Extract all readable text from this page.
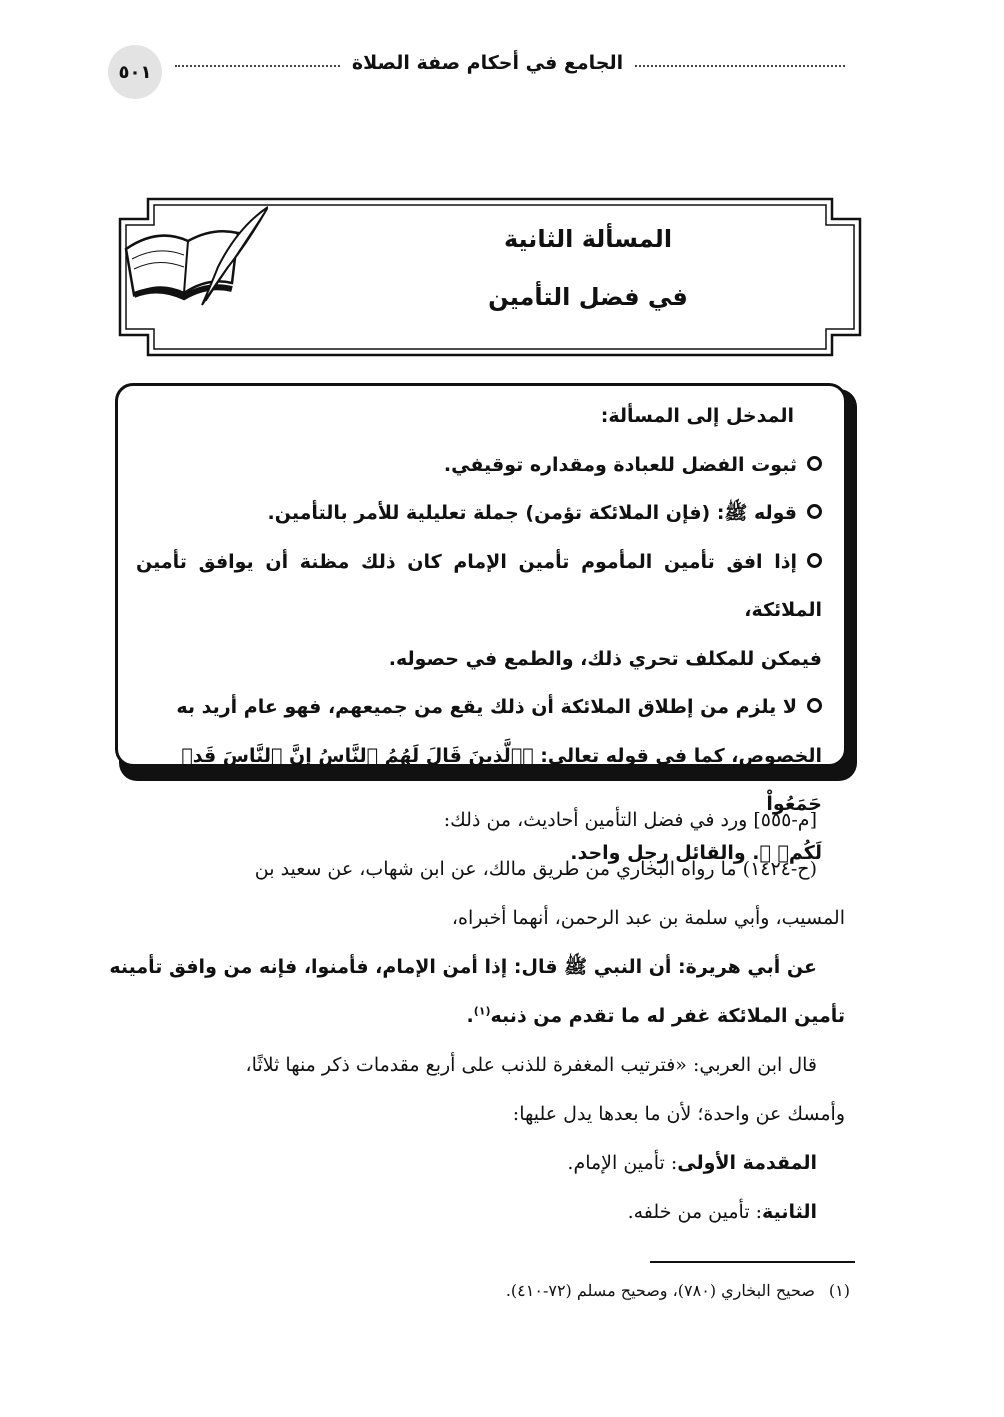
٥٠١	الجامع في أحكام صفة الصلاة
المسألة الثانية
في فضل التأمين
المدخل إلى المسألة:
ثبوت الفضل للعبادة ومقداره توقيفي.
قوله ﷺ: (فإن الملائكة تؤمن) جملة تعليلية للأمر بالتأمين.
إذا افق تأمين المأموم تأمين الإمام كان ذلك مظنة أن يوافق تأمين الملائكة،
فيمكن للمكلف تحري ذلك، والطمع في حصوله.
لا يلزم من إطلاق الملائكة أن ذلك يقع من جميعهم، فهو عام أريد به
الخصوص، كما في قوله تعالى: ﴿ٱلَّذِينَ قَالَ لَهُمُ ٱلنَّاسُ إِنَّ ٱلنَّاسَ قَدۡ جَمَعُواْ
لَكُمۡ ﴾. والقائل رجل واحد.
[م-٥٥٥] ورد في فضل التأمين أحاديث، من ذلك:
(ح-١٤٢٤) ما رواه البخاري من طريق مالك، عن ابن شهاب، عن سعيد بن
المسيب، وأبي سلمة بن عبد الرحمن، أنهما أخبراه،
عن أبي هريرة: أن النبي ﷺ قال: إذا أمن الإمام، فأمنوا، فإنه من وافق تأمينه
تأمين الملائكة غفر له ما تقدم من ذنبه$^{(١)}$.
قال ابن العربي: «فترتيب المغفرة للذنب على أربع مقدمات ذكر منها ثلاثًا،
وأمسك عن واحدة؛ لأن ما بعدها يدل عليها:
المقدمة الأولى: تأمين الإمام.
الثانية: تأمين من خلفه.
(١)صحيح البخاري (٧٨٠)، وصحيح مسلم (٧٢-٤١٠).
